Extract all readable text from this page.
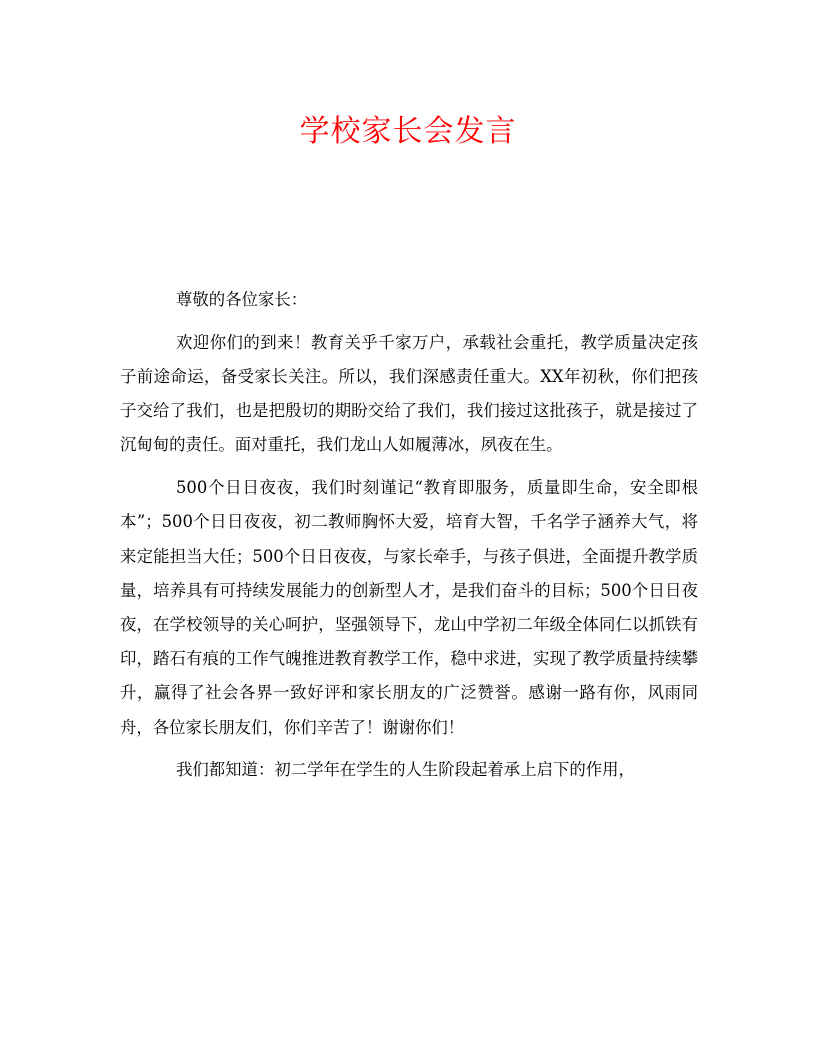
学校家长会发言

尊敬的各位家长：

欢迎你们的到来！教育关乎千家万户，承载社会重托，教学质量决定孩子前途命运，备受家长关注。所以，我们深感责任重大。XX年初秋，你们把孩子交给了我们，也是把殷切的期盼交给了我们，我们接过这批孩子，就是接过了沉甸甸的责任。面对重托，我们龙山人如履薄冰，夙夜在生。

500个日日夜夜，我们时刻谨记“教育即服务，质量即生命，安全即根本”；500个日日夜夜，初二教师胸怀大爱，培育大智，千名学子涵养大气，将来定能担当大任；500个日日夜夜，与家长牵手，与孩子俱进，全面提升教学质量，培养具有可持续发展能力的创新型人才，是我们奋斗的目标；500个日日夜夜，在学校领导的关心呵护，坚强领导下，龙山中学初二年级全体同仁以抓铁有印，踏石有痕的工作气魄推进教育教学工作，稳中求进，实现了教学质量持续攀升，赢得了社会各界一致好评和家长朋友的广泛赞誉。感谢一路有你，风雨同舟，各位家长朋友们，你们辛苦了！谢谢你们！

我们都知道：初二学年在学生的人生阶段起着承上启下的作用，
